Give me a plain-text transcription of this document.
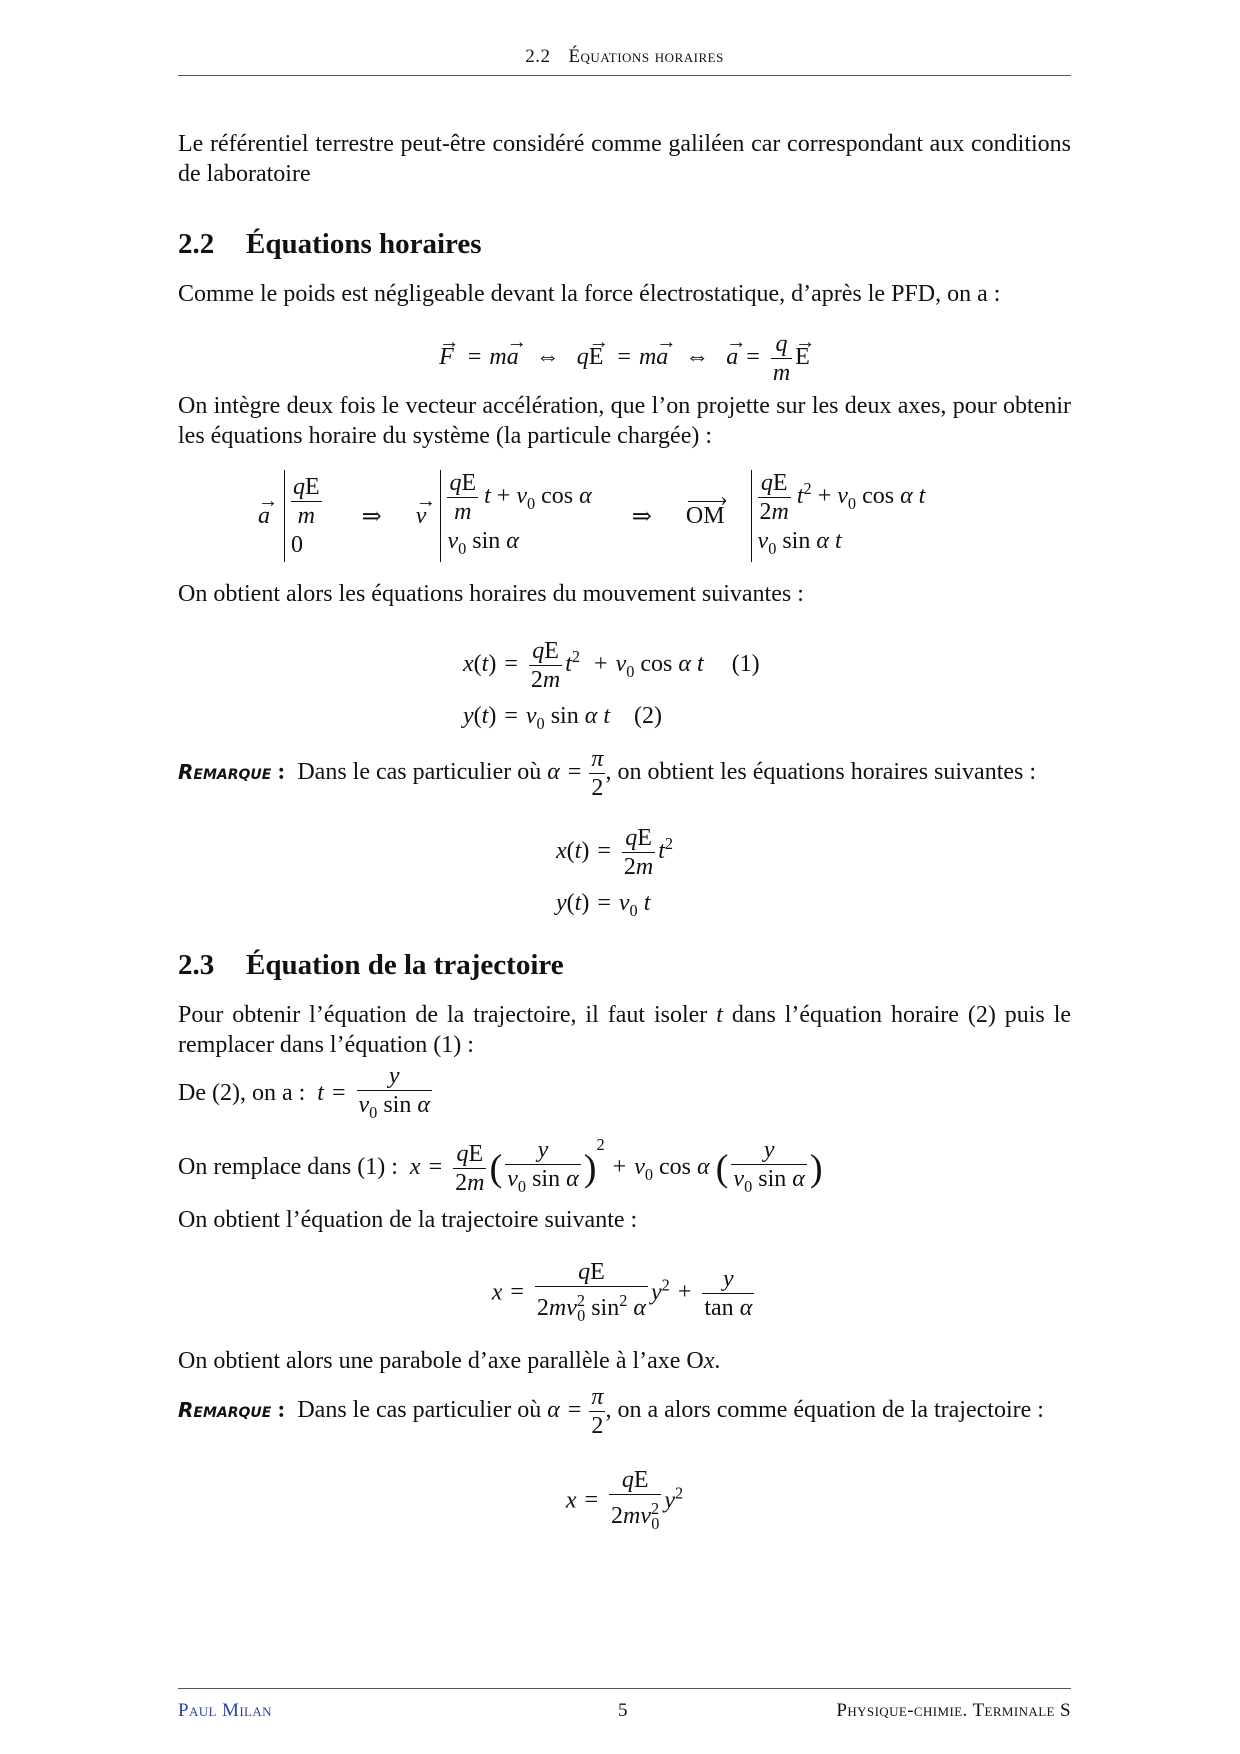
2.2 Équations horaires
Le référentiel terrestre peut-être considéré comme galiléen car correspondant aux conditions de laboratoire
2.2 Équations horaires
Comme le poids est négligeable devant la force électrostatique, d’après le PFD, on a :
F → = ma → ⇔ qE → = ma → ⇔ a → = $\frac{q}{m}$ E →
On intègre deux fois le vecteur accélération, que l’on projette sur les deux axes, pour obtenir les équations horaire du système (la particule chargée) :
$a \to \frac{qE}{m}$
0
⇒ $v \to \frac{qE}{m}$ $t + v_0$ cos α
$v_0$ sin α
⇒ › OM $\frac{qE}{2m} t^2 + v_0$ cos α t
$v_0$ sin α t
On obtient alors les équations horaires du mouvement suivantes :
$x(t) = \frac{qE}{2m} t^2 + v_0$ cos α t (1)
$y(t) = v_0$ sin α t (2)
Remarque : Dans le cas particulier où $\alpha = \frac{\pi}{2}$ , on obtient les équations horaires suivantes :
$x(t) = \frac{qE}{2m} t^2$
$y(t) = v_0$ t
2.3 Équation de la trajectoire
Pour obtenir l’équation de la trajectoire, il faut isoler t dans l’équation horaire (2) puis le remplacer dans l’équation (1) :
De (2), on a : $t = \frac{y}{v_0 \sin \alpha}$
On remplace dans (1) : $x = \frac{qE}{2m}$ ( $\frac{y}{v_0 \sin \alpha} )^2+ v_0$ cos α ( $\frac{y}{v_0 \sin \alpha}$ )
On obtient l’équation de la trajectoire suivante :
$x = \frac{qE}{2mv^2_0 \sin^2 \alpha} y^2 + \frac{y}{\text{tan α}}$
On obtient alors une parabole d’axe parallèle à l’axe Ox.
Remarque : Dans le cas particulier où $\alpha = \frac{\pi}{2}$ , on a alors comme équation de la trajectoire :
$x = \frac{qE}{2mv^2_0} y^2$
Paul Milan	5	Physique-chimie. Terminale S
